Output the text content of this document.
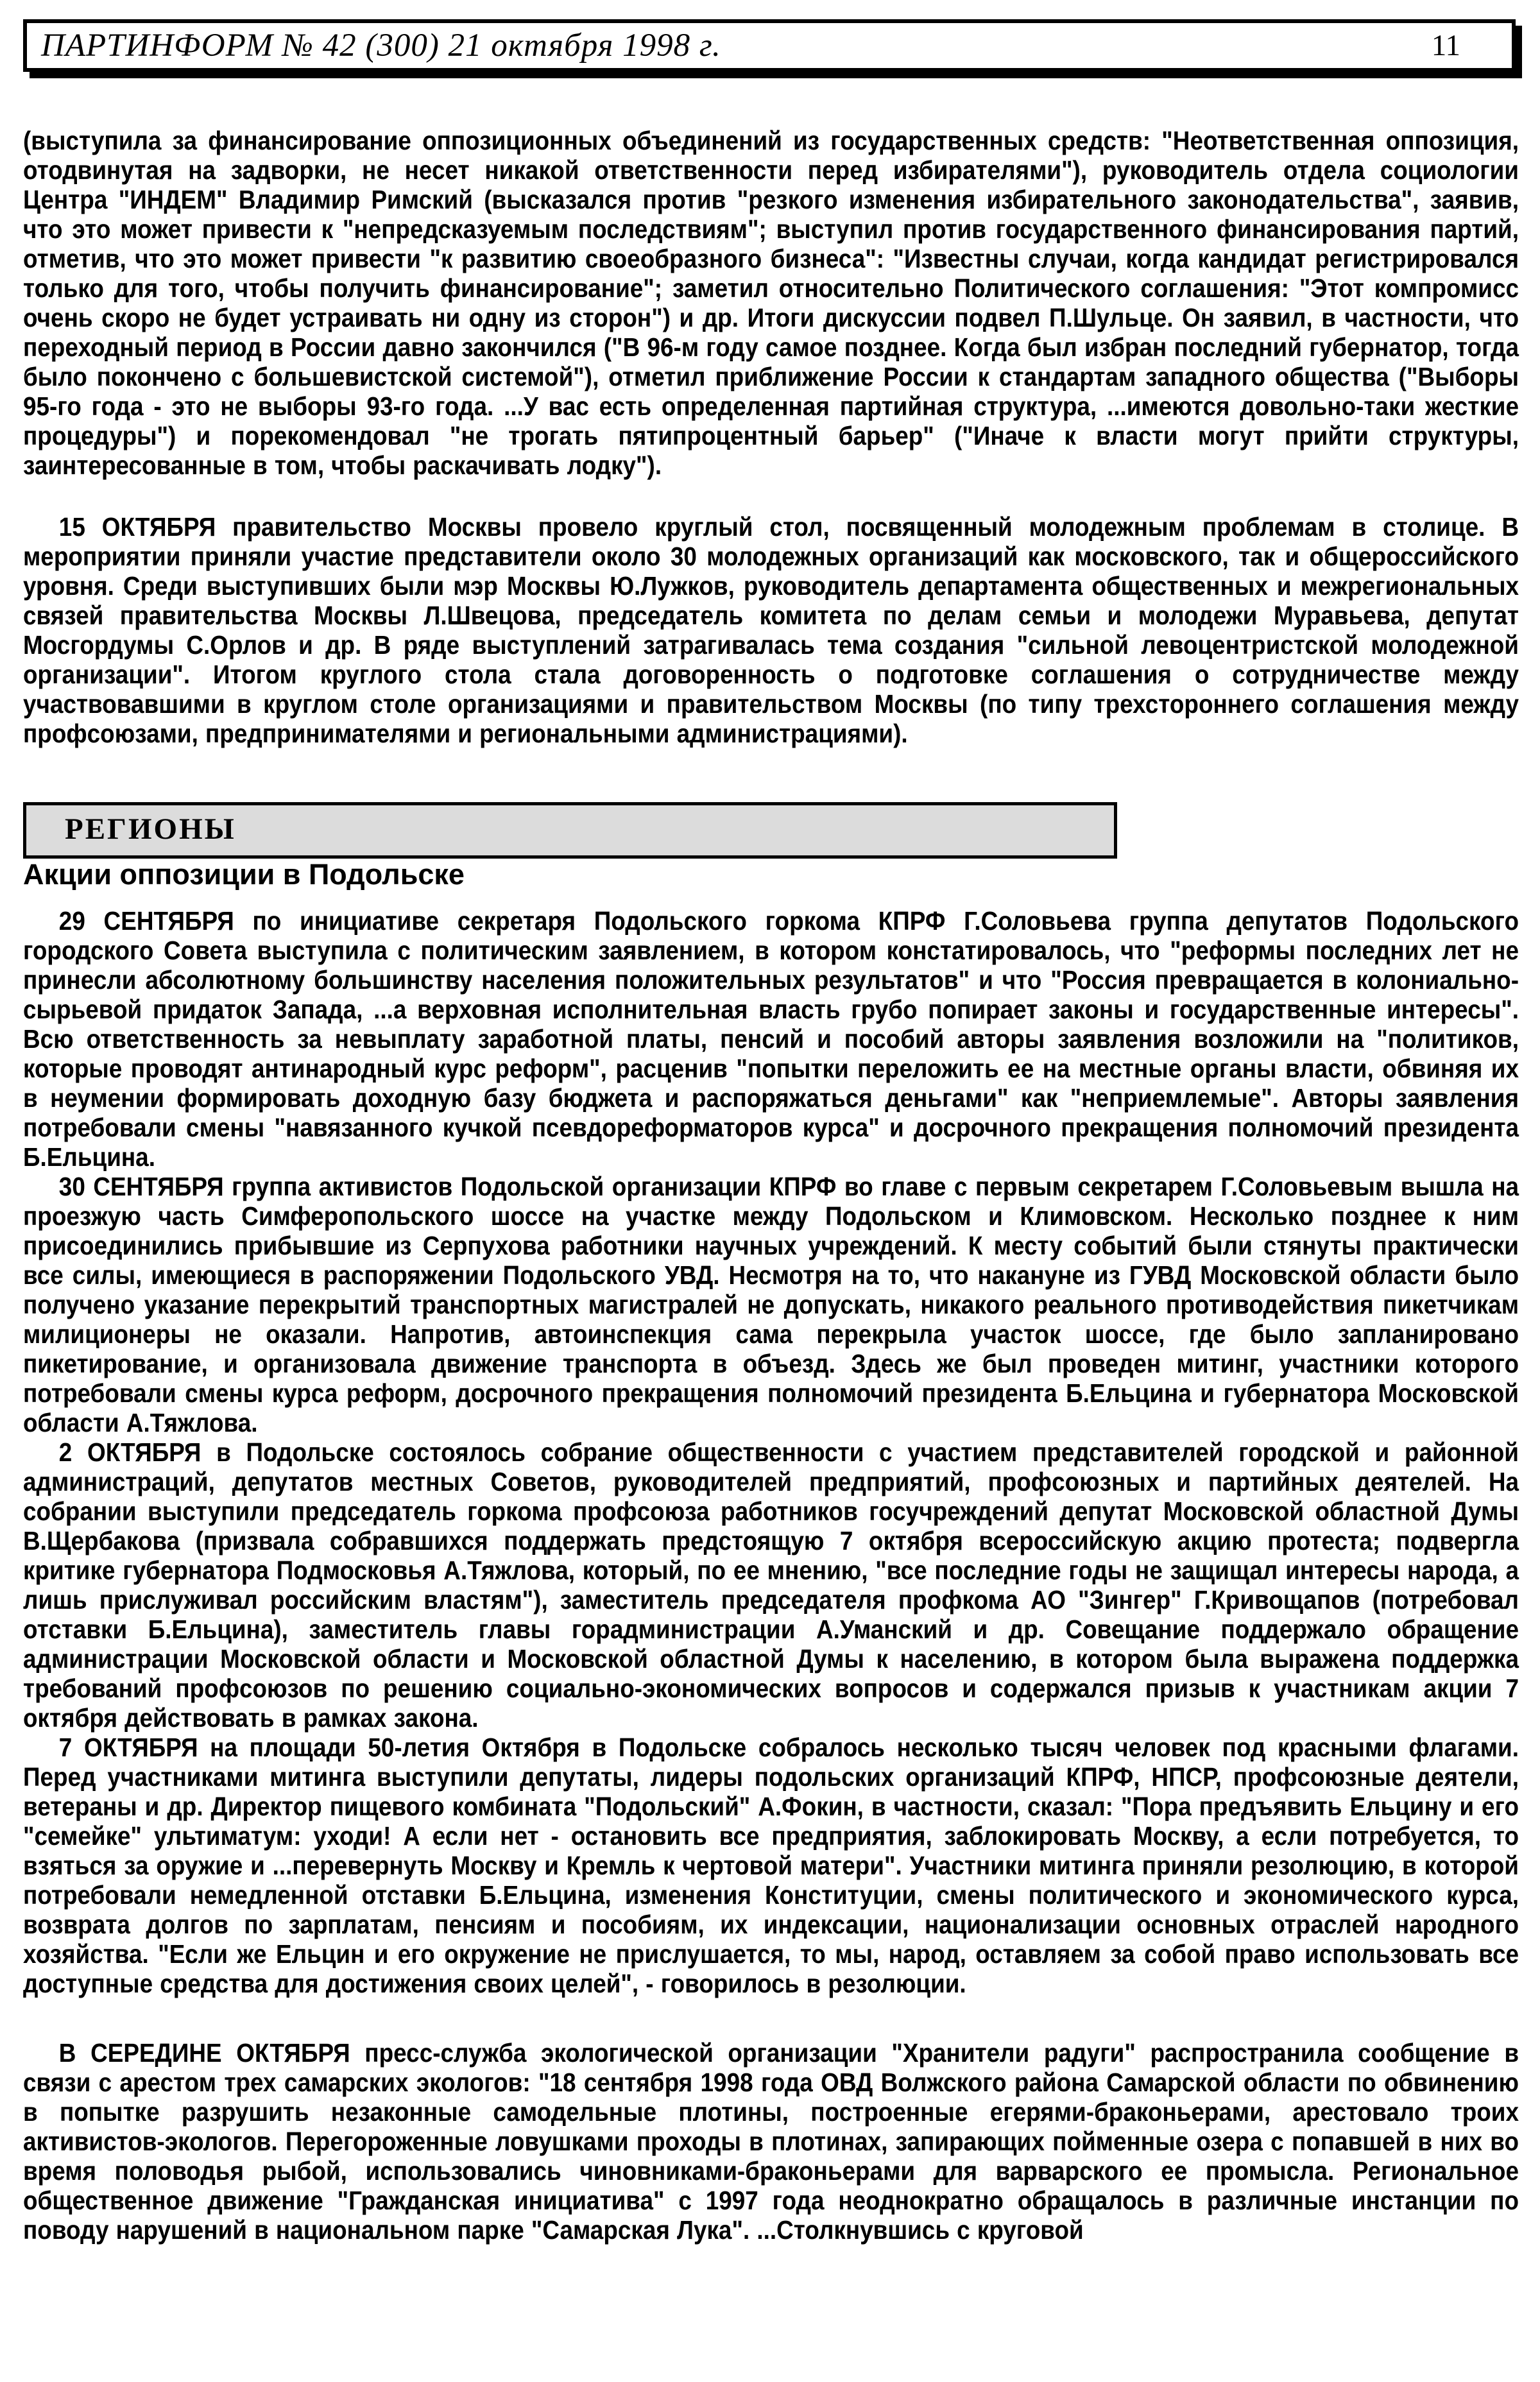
ПАРТИНФОРМ № 42 (300) 21 октября 1998 г.	11

(выступила за финансирование оппозиционных объединений из государственных средств: "Неответственная оппозиция, отодвинутая на задворки, не несет никакой ответственности перед избирателями"), руководитель отдела социологии Центра "ИНДЕМ" Владимир Римский (высказался против "резкого изменения избирательного законодательства", заявив, что это может привести к "непредсказуемым последствиям"; выступил против государственного финансирования партий, отметив, что это может привести "к развитию своеобразного бизнеса": "Известны случаи, когда кандидат регистрировался только для того, чтобы получить финансирование"; заметил относительно Политического соглашения: "Этот компромисс очень скоро не будет устраивать ни одну из сторон") и др. Итоги дискуссии подвел П.Шульце. Он заявил, в частности, что переходный период в России давно закончился ("В 96-м году самое позднее. Когда был избран последний губернатор, тогда было покончено с большевистской системой"), отметил приближение России к стандартам западного общества ("Выборы 95-го года - это не выборы 93-го года. ...У вас есть определенная партийная структура, ...имеются довольно-таки жесткие процедуры") и порекомендовал "не трогать пятипроцентный барьер" ("Иначе к власти могут прийти структуры, заинтересованные в том, чтобы раскачивать лодку").

15 ОКТЯБРЯ правительство Москвы провело круглый стол, посвященный молодежным проблемам в столице. В мероприятии приняли участие представители около 30 молодежных организаций как московского, так и общероссийского уровня. Среди выступивших были мэр Москвы Ю.Лужков, руководитель департамента общественных и межрегиональных связей правительства Москвы Л.Швецова, председатель комитета по делам семьи и молодежи Муравьева, депутат Мосгордумы С.Орлов и др. В ряде выступлений затрагивалась тема создания "сильной левоцентристской молодежной организации". Итогом круглого стола стала договоренность о подготовке соглашения о сотрудничестве между участвовавшими в круглом столе организациями и правительством Москвы (по типу трехстороннего соглашения между профсоюзами, предпринимателями и региональными администрациями).

РЕГИОНЫ
Акции оппозиции в Подольске

29 СЕНТЯБРЯ по инициативе секретаря Подольского горкома КПРФ Г.Соловьева группа депутатов Подольского городского Совета выступила с политическим заявлением, в котором констатировалось, что "реформы последних лет не принесли абсолютному большинству населения положительных результатов" и что "Россия превращается в колониально-сырьевой придаток Запада, ...а верховная исполнительная власть грубо попирает законы и государственные интересы". Всю ответственность за невыплату заработной платы, пенсий и пособий авторы заявления возложили на "политиков, которые проводят антинародный курс реформ", расценив "попытки переложить ее на местные органы власти, обвиняя их в неумении формировать доходную базу бюджета и распоряжаться деньгами" как "неприемлемые". Авторы заявления потребовали смены "навязанного кучкой псевдореформаторов курса" и досрочного прекращения полномочий президента Б.Ельцина.

30 СЕНТЯБРЯ группа активистов Подольской организации КПРФ во главе с первым секретарем Г.Соловьевым вышла на проезжую часть Симферопольского шоссе на участке между Подольском и Климовском. Несколько позднее к ним присоединились прибывшие из Серпухова работники научных учреждений. К месту событий были стянуты практически все силы, имеющиеся в распоряжении Подольского УВД. Несмотря на то, что накануне из ГУВД Московской области было получено указание перекрытий транспортных магистралей не допускать, никакого реального противодействия пикетчикам милиционеры не оказали. Напротив, автоинспекция сама перекрыла участок шоссе, где было запланировано пикетирование, и организовала движение транспорта в объезд. Здесь же был проведен митинг, участники которого потребовали смены курса реформ, досрочного прекращения полномочий президента Б.Ельцина и губернатора Московской области А.Тяжлова.

2 ОКТЯБРЯ в Подольске состоялось собрание общественности с участием представителей городской и районной администраций, депутатов местных Советов, руководителей предприятий, профсоюзных и партийных деятелей. На собрании выступили председатель горкома профсоюза работников госучреждений депутат Московской областной Думы В.Щербакова (призвала собравшихся поддержать предстоящую 7 октября всероссийскую акцию протеста; подвергла критике губернатора Подмосковья А.Тяжлова, который, по ее мнению, "все последние годы не защищал интересы народа, а лишь прислуживал российским властям"), заместитель председателя профкома АО "Зингер" Г.Кривощапов (потребовал отставки Б.Ельцина), заместитель главы горадминистрации А.Уманский и др. Совещание поддержало обращение администрации Московской области и Московской областной Думы к населению, в котором была выражена поддержка требований профсоюзов по решению социально-экономических вопросов и содержался призыв к участникам акции 7 октября действовать в рамках закона.

7 ОКТЯБРЯ на площади 50-летия Октября в Подольске собралось несколько тысяч человек под красными флагами. Перед участниками митинга выступили депутаты, лидеры подольских организаций КПРФ, НПСР, профсоюзные деятели, ветераны и др. Директор пищевого комбината "Подольский" А.Фокин, в частности, сказал: "Пора предъявить Ельцину и его "семейке" ультиматум: уходи! А если нет - остановить все предприятия, заблокировать Москву, а если потребуется, то взяться за оружие и ...перевернуть Москву и Кремль к чертовой матери". Участники митинга приняли резолюцию, в которой потребовали немедленной отставки Б.Ельцина, изменения Конституции, смены политического и экономического курса, возврата долгов по зарплатам, пенсиям и пособиям, их индексации, национализации основных отраслей народного хозяйства. "Если же Ельцин и его окружение не прислушается, то мы, народ, оставляем за собой право использовать все доступные средства для достижения своих целей", - говорилось в резолюции.

В СЕРЕДИНЕ ОКТЯБРЯ пресс-служба экологической организации "Хранители радуги" распространила сообщение в связи с арестом трех самарских экологов: "18 сентября 1998 года ОВД Волжского района Самарской области по обвинению в попытке разрушить незаконные самодельные плотины, построенные егерями-браконьерами, арестовало троих активистов-экологов. Перегороженные ловушками проходы в плотинах, запирающих пойменные озера с попавшей в них во время половодья рыбой, использовались чиновниками-браконьерами для варварского ее промысла. Региональное общественное движение "Гражданская инициатива" с 1997 года неоднократно обращалось в различные инстанции по поводу нарушений в национальном парке "Самарская Лука". ...Столкнувшись с круговой
